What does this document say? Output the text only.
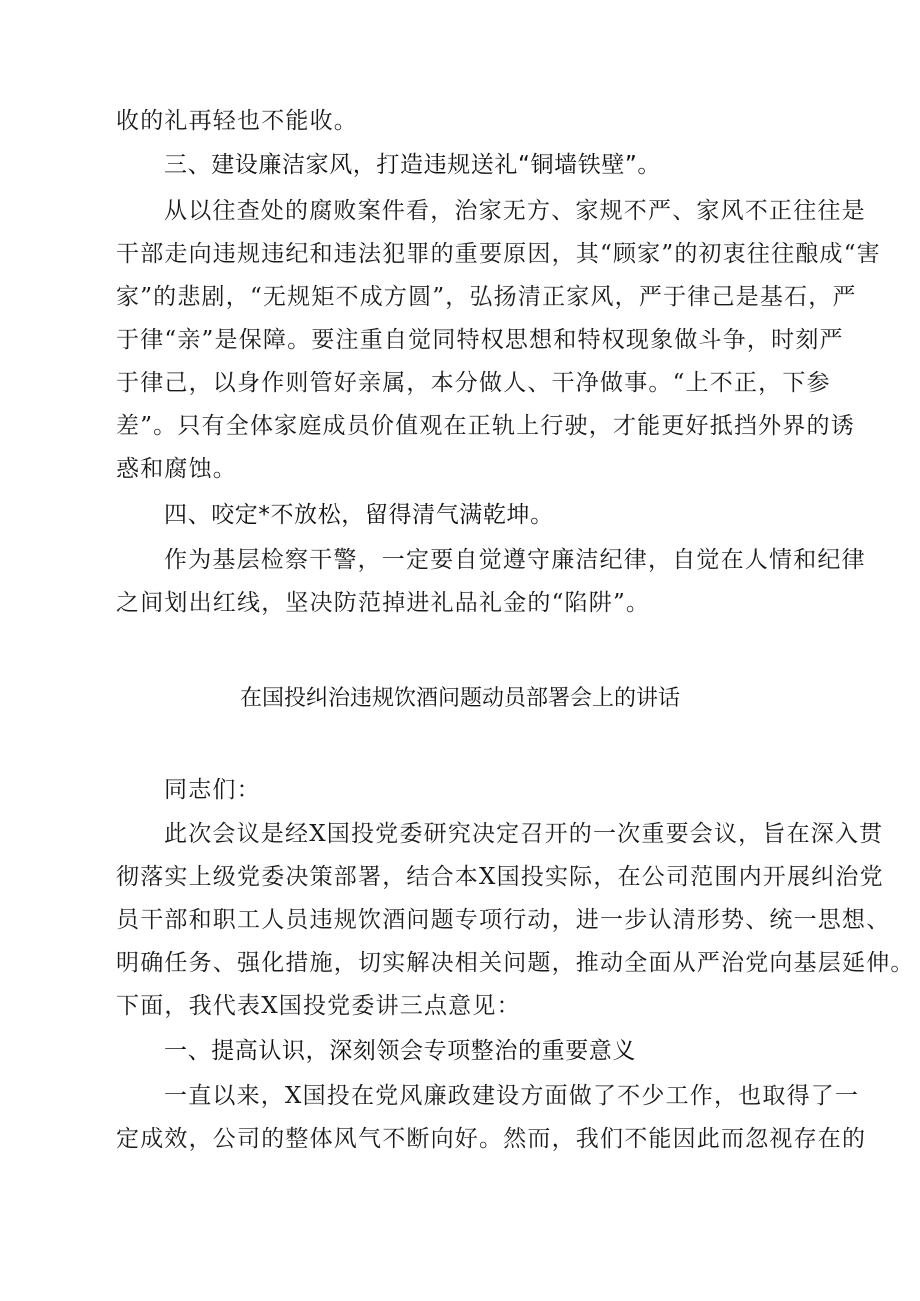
收的礼再轻也不能收。
三、建设廉洁家风，打造违规送礼“铜墙铁壁”。
从以往查处的腐败案件看，治家无方、家规不严、家风不正往往是
干部走向违规违纪和违法犯罪的重要原因，其“顾家”的初衷往往酿成“害
家”的悲剧，“无规矩不成方圆”，弘扬清正家风，严于律己是基石，严
于律“亲”是保障。要注重自觉同特权思想和特权现象做斗争，时刻严
于律己，以身作则管好亲属，本分做人、干净做事。“上不正，下参
差”。只有全体家庭成员价值观在正轨上行驶，才能更好抵挡外界的诱
惑和腐蚀。
四、咬定*不放松，留得清气满乾坤。
作为基层检察干警，一定要自觉遵守廉洁纪律，自觉在人情和纪律
之间划出红线，坚决防范掉进礼品礼金的“陷阱”。
在国投纠治违规饮酒问题动员部署会上的讲话
同志们：
此次会议是经X国投党委研究决定召开的一次重要会议，旨在深入贯
彻落实上级党委决策部署，结合本X国投实际，在公司范围内开展纠治党
员干部和职工人员违规饮酒问题专项行动，进一步认清形势、统一思想、
明确任务、强化措施，切实解决相关问题，推动全面从严治党向基层延伸。
下面，我代表X国投党委讲三点意见：
一、提高认识，深刻领会专项整治的重要意义
一直以来，X国投在党风廉政建设方面做了不少工作，也取得了一
定成效，公司的整体风气不断向好。然而，我们不能因此而忽视存在的
